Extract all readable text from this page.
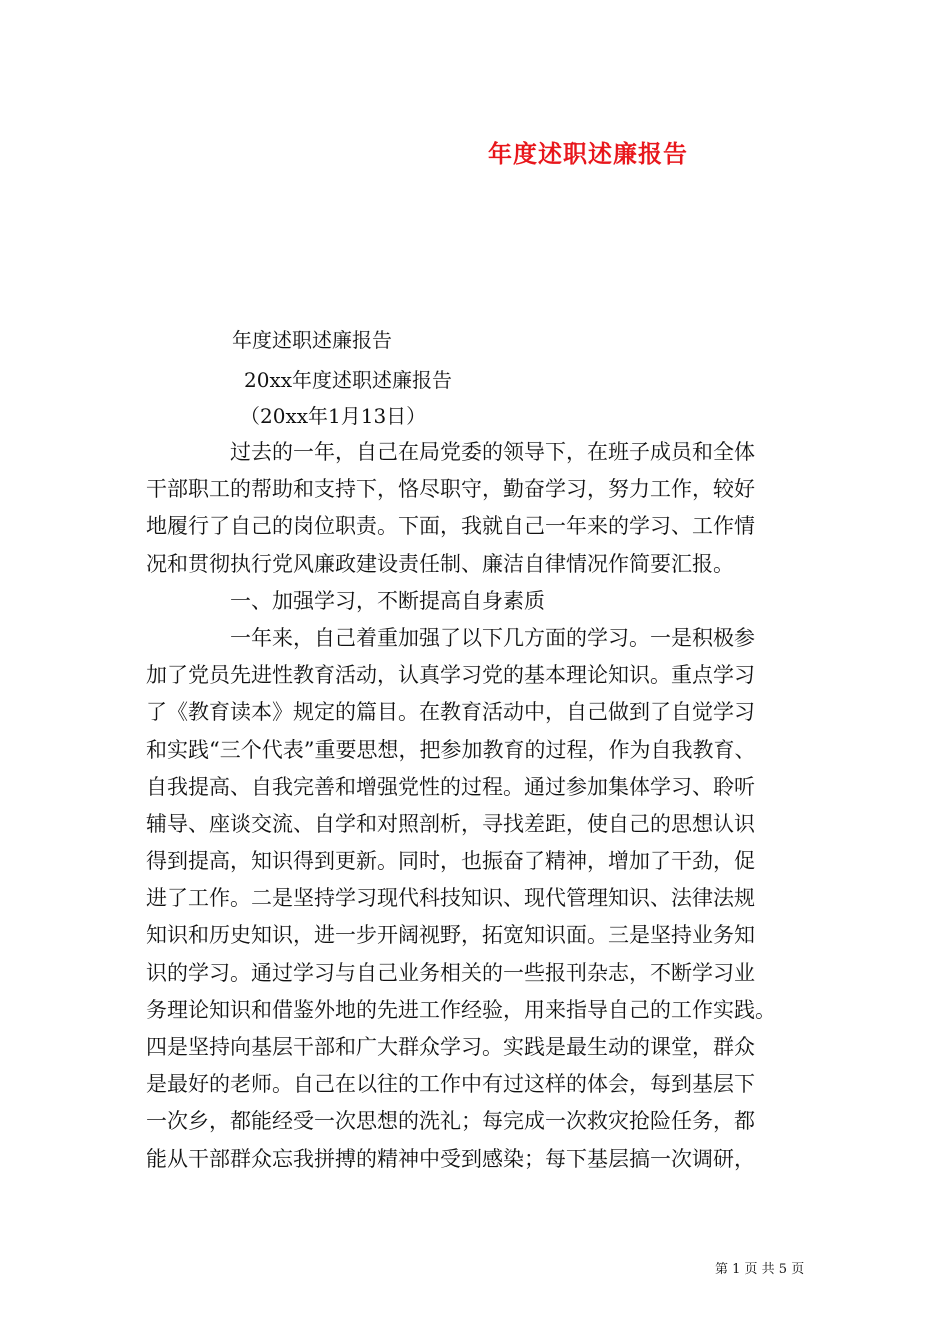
年度述职述廉报告
年度述职述廉报告
20xx年度述职述廉报告
（20xx年1月13日）
　　　　过去的一年，自己在局党委的领导下，在班子成员和全体
干部职工的帮助和支持下，恪尽职守，勤奋学习，努力工作，较好
地履行了自己的岗位职责。下面，我就自己一年来的学习、工作情
况和贯彻执行党风廉政建设责任制、廉洁自律情况作简要汇报。
　　　　一、加强学习，不断提高自身素质
　　　　一年来，自己着重加强了以下几方面的学习。一是积极参
加了党员先进性教育活动，认真学习党的基本理论知识。重点学习
了《教育读本》规定的篇目。在教育活动中，自己做到了自觉学习
和实践“三个代表”重要思想，把参加教育的过程，作为自我教育、
自我提高、自我完善和增强党性的过程。通过参加集体学习、聆听
辅导、座谈交流、自学和对照剖析，寻找差距，使自己的思想认识
得到提高，知识得到更新。同时，也振奋了精神，增加了干劲，促
进了工作。二是坚持学习现代科技知识、现代管理知识、法律法规
知识和历史知识，进一步开阔视野，拓宽知识面。三是坚持业务知
识的学习。通过学习与自己业务相关的一些报刊杂志，不断学习业
务理论知识和借鉴外地的先进工作经验，用来指导自己的工作实践。
四是坚持向基层干部和广大群众学习。实践是最生动的课堂，群众
是最好的老师。自己在以往的工作中有过这样的体会，每到基层下
一次乡，都能经受一次思想的洗礼；每完成一次救灾抢险任务，都
能从干部群众忘我拼搏的精神中受到感染；每下基层搞一次调研，
第 1 页 共 5 页
